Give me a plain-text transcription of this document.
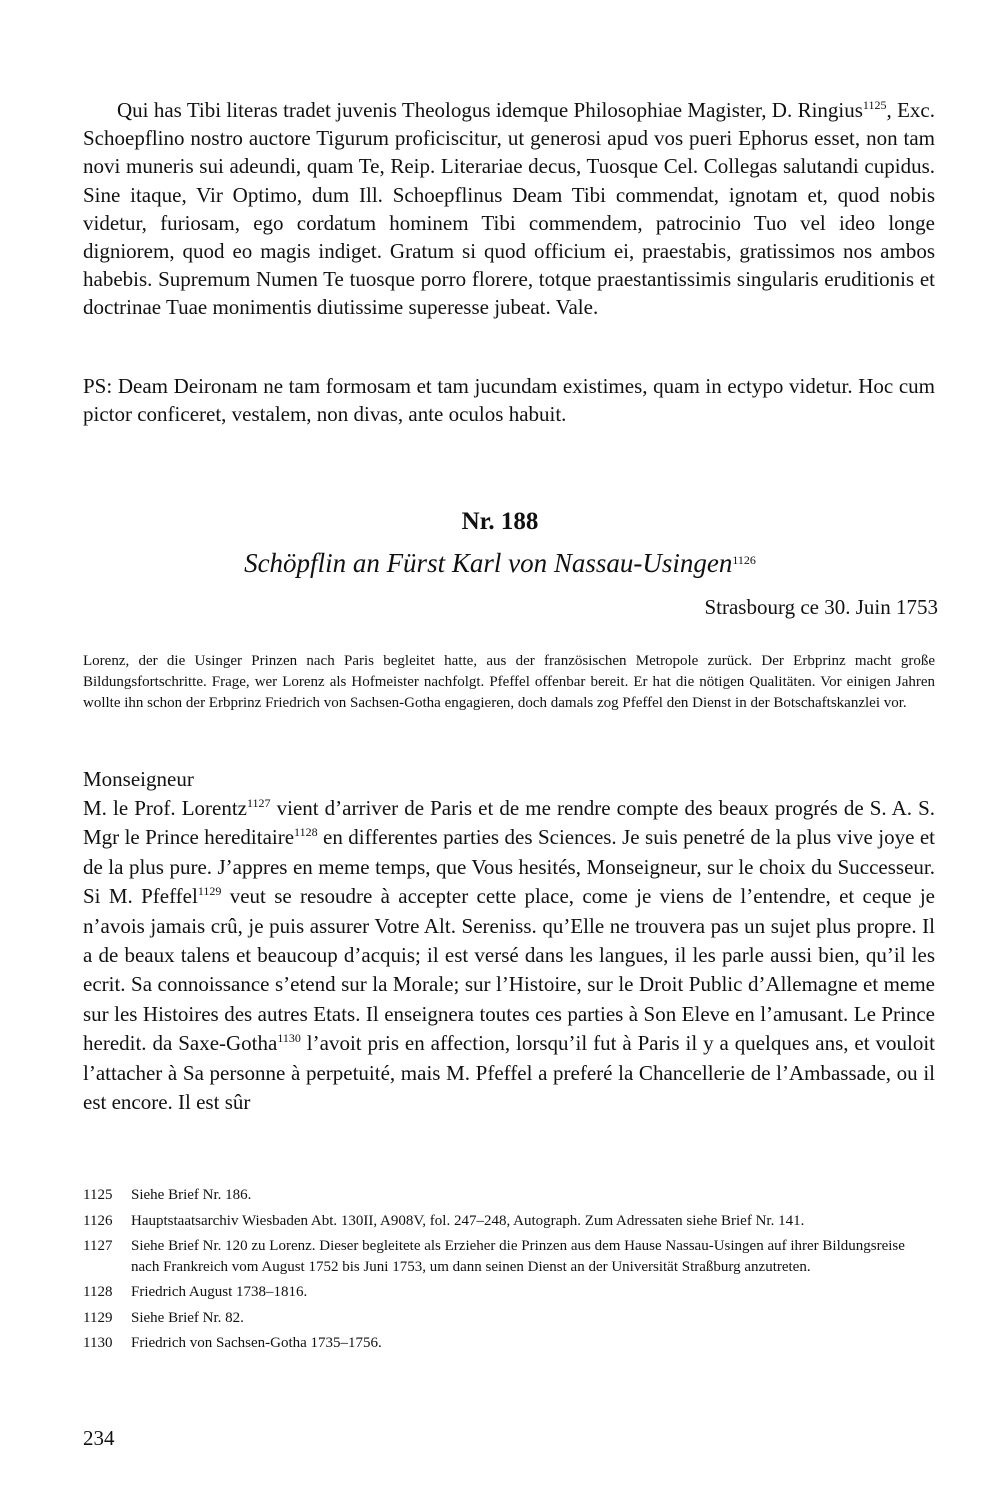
Qui has Tibi literas tradet juvenis Theologus idemque Philosophiae Magister, D. Ringius$^{1125}$, Exc. Schoepflino nostro auctore Tigurum proficiscitur, ut generosi apud vos pueri Ephorus esset, non tam novi muneris sui adeundi, quam Te, Reip. Literariae decus, Tuosque Cel. Collegas salutandi cupidus. Sine itaque, Vir Optimo, dum Ill. Schoepflinus Deam Tibi commendat, ignotam et, quod nobis videtur, furiosam, ego cordatum hominem Tibi commendem, patrocinio Tuo vel ideo longe digniorem, quod eo magis indiget. Gratum si quod officium ei, praestabis, gratissimos nos ambos habebis. Supremum Numen Te tuosque porro florere, totque praestantissimis singularis eruditionis et doctrinae Tuae monimentis diutissime superesse jubeat. Vale.
PS: Deam Deironam ne tam formosam et tam jucundam existimes, quam in ectypo videtur. Hoc cum pictor conficeret, vestalem, non divas, ante oculos habuit.
Nr. 188
Schöpflin an Fürst Karl von Nassau-Usingen$^{1126}$
Strasbourg ce 30. Juin 1753
Lorenz, der die Usinger Prinzen nach Paris begleitet hatte, aus der französischen Metropole zurück. Der Erbprinz macht große Bildungsfortschritte. Frage, wer Lorenz als Hofmeister nachfolgt. Pfeffel offenbar bereit. Er hat die nötigen Qualitäten. Vor einigen Jahren wollte ihn schon der Erbprinz Friedrich von Sachsen-Gotha engagieren, doch damals zog Pfeffel den Dienst in der Botschaftskanzlei vor.
Monseigneur
M. le Prof. Lorentz$^{1127}$ vient d’arriver de Paris et de me rendre compte des beaux progrés de S. A. S. Mgr le Prince hereditaire$^{1128}$ en differentes parties des Sciences. Je suis penetré de la plus vive joye et de la plus pure. J’appres en meme temps, que Vous hesités, Monseigneur, sur le choix du Successeur. Si M. Pfeffel$^{1129}$ veut se resoudre à accepter cette place, come je viens de l’entendre, et ceque je n’avois jamais crû, je puis assurer Votre Alt. Sereniss. qu’Elle ne trouvera pas un sujet plus propre. Il a de beaux talens et beaucoup d’acquis; il est versé dans les langues, il les parle aussi bien, qu’il les ecrit. Sa connoissance s’etend sur la Morale; sur l’Histoire, sur le Droit Public d’Allemagne et meme sur les Histoires des autres Etats. Il enseignera toutes ces parties à Son Eleve en l’amusant. Le Prince heredit. da Saxe-Gotha$^{1130}$ l’avoit pris en affection, lorsqu’il fut à Paris il y a quelques ans, et vouloit l’attacher à Sa personne à perpetuité, mais M. Pfeffel a preferé la Chancellerie de l’Ambassade, ou il est encore. Il est sûr
1125	Siehe Brief Nr. 186.
1126	Hauptstaatsarchiv Wiesbaden Abt. 130II, A908V, fol. 247–248, Autograph. Zum Adressaten siehe Brief Nr. 141.
1127	Siehe Brief Nr. 120 zu Lorenz. Dieser begleitete als Erzieher die Prinzen aus dem Hause Nassau-Usingen auf ihrer Bildungsreise nach Frankreich vom August 1752 bis Juni 1753, um dann seinen Dienst an der Universität Straßburg anzutreten.
1128	Friedrich August 1738–1816.
1129	Siehe Brief Nr. 82.
1130	Friedrich von Sachsen-Gotha 1735–1756.
234
